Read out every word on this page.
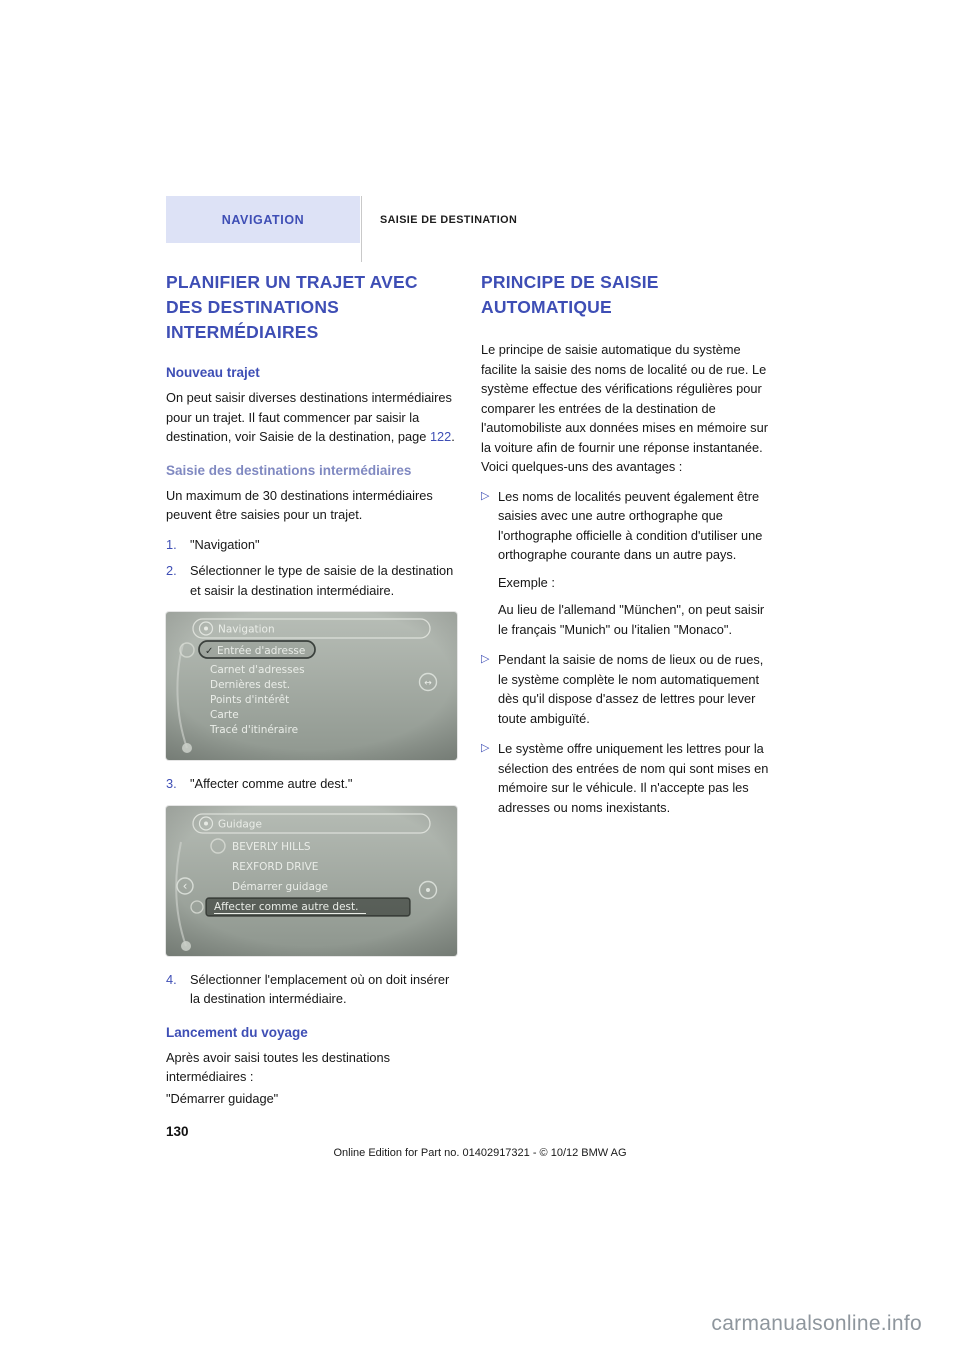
NAVIGATION	SAISIE DE DESTINATION
PLANIFIER UN TRAJET AVEC DES DESTINATIONS INTERMÉDIAIRES
Nouveau trajet

On peut saisir diverses destinations intermédiaires pour un trajet. Il faut commencer par saisir la destination, voir Saisie de la destination, page 122.

Saisie des destinations intermédiaires

Un maximum de 30 destinations intermédiaires peuvent être saisies pour un trajet.

1.	"Navigation"
2.	Sélectionner le type de saisie de la destination et saisir la destination intermédiaire.
Navigation
✓ Entrée d'adresse
Carnet d'adresses
Dernières dest.
Points d'intérêt
Carte
Tracé d'itinéraire
↔
3.	"Affecter comme autre dest."
Guidage
BEVERLY HILLS
REXFORD DRIVE
Démarrer guidage
‹
Affecter comme autre dest.
4.	Sélectionner l'emplacement où on doit insérer la destination intermédiaire.
Lancement du voyage

Après avoir saisi toutes les destinations intermédiaires :

"Démarrer guidage"

PRINCIPE DE SAISIE AUTOMATIQUE

Le principe de saisie automatique du système facilite la saisie des noms de localité ou de rue. Le système effectue des vérifications régulières pour comparer les entrées de la destination de l'automobiliste aux données mises en mémoire sur la voiture afin de fournir une réponse instantanée. Voici quelques-uns des avantages :

▷ Les noms de localités peuvent également être saisies avec une autre orthographe que l'orthographe officielle à condition d'utiliser une orthographe courante dans un autre pays.

Exemple :

Au lieu de l'allemand "München", on peut saisir le français "Munich" ou l'italien "Monaco".

▷ Pendant la saisie de noms de lieux ou de rues, le système complète le nom automatiquement dès qu'il dispose d'assez de lettres pour lever toute ambiguïté.

▷ Le système offre uniquement les lettres pour la sélection des entrées de nom qui sont mises en mémoire sur le véhicule. Il n'accepte pas les adresses ou noms inexistants.

130
Online Edition for Part no. 01402917321 - © 10/12 BMW AG
carmanualsonline.info
